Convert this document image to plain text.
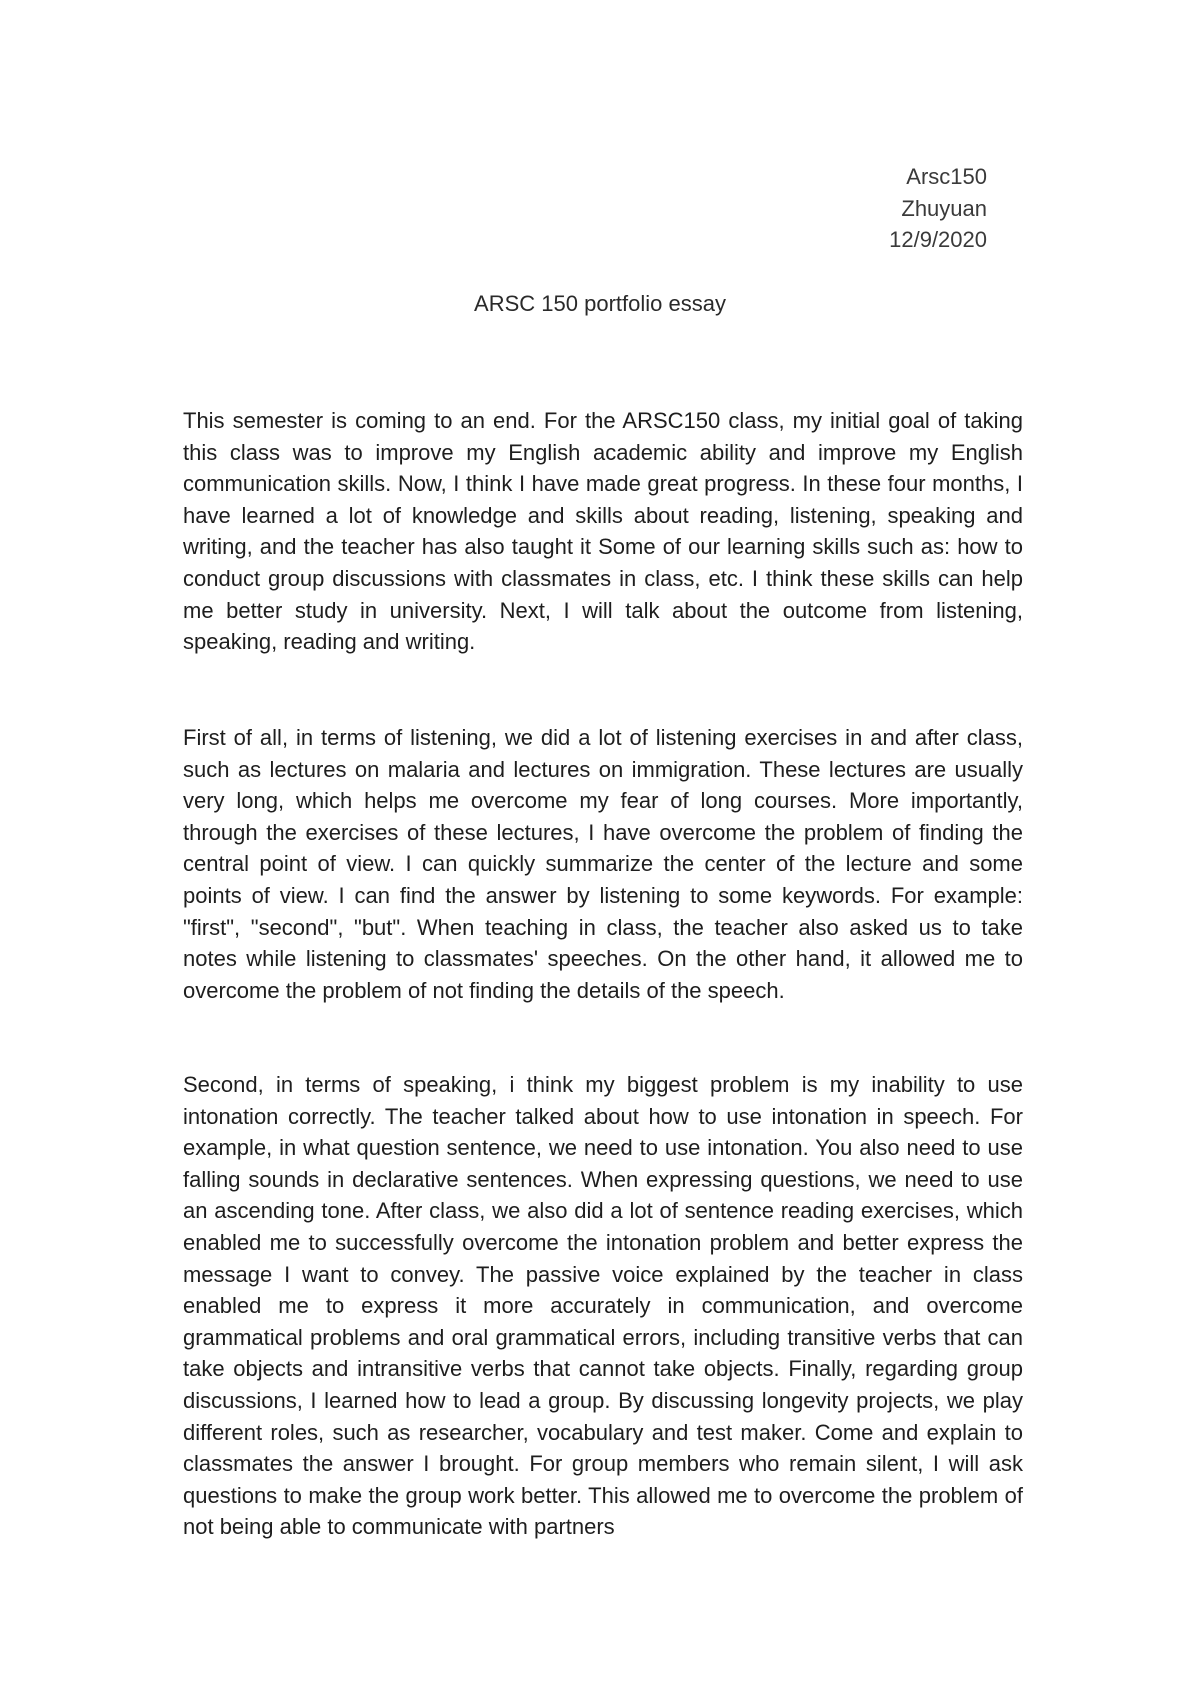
Arsc150
Zhuyuan
12/9/2020
ARSC 150 portfolio essay

This semester is coming to an end. For the ARSC150 class, my initial goal of taking this class was to improve my English academic ability and improve my English communication skills. Now, I think I have made great progress. In these four months, I have learned a lot of knowledge and skills about reading, listening, speaking and writing, and the teacher has also taught it Some of our learning skills such as: how to conduct group discussions with classmates in class, etc. I think these skills can help me better study in university. Next, I will talk about the outcome from listening, speaking, reading and writing.

First of all, in terms of listening, we did a lot of listening exercises in and after class, such as lectures on malaria and lectures on immigration. These lectures are usually very long, which helps me overcome my fear of long courses. More importantly, through the exercises of these lectures, I have overcome the problem of finding the central point of view. I can quickly summarize the center of the lecture and some points of view. I can find the answer by listening to some keywords. For example: "first", "second", "but". When teaching in class, the teacher also asked us to take notes while listening to classmates' speeches. On the other hand, it allowed me to overcome the problem of not finding the details of the speech.

Second, in terms of speaking, i think my biggest problem is my inability to use intonation correctly. The teacher talked about how to use intonation in speech. For example, in what question sentence, we need to use intonation. You also need to use falling sounds in declarative sentences. When expressing questions, we need to use an ascending tone. After class, we also did a lot of sentence reading exercises, which enabled me to successfully overcome the intonation problem and better express the message I want to convey. The passive voice explained by the teacher in class enabled me to express it more accurately in communication, and overcome grammatical problems and oral grammatical errors, including transitive verbs that can take objects and intransitive verbs that cannot take objects. Finally, regarding group discussions, I learned how to lead a group. By discussing longevity projects, we play different roles, such as researcher, vocabulary and test maker. Come and explain to classmates the answer I brought. For group members who remain silent, I will ask questions to make the group work better. This allowed me to overcome the problem of not being able to communicate with partners
